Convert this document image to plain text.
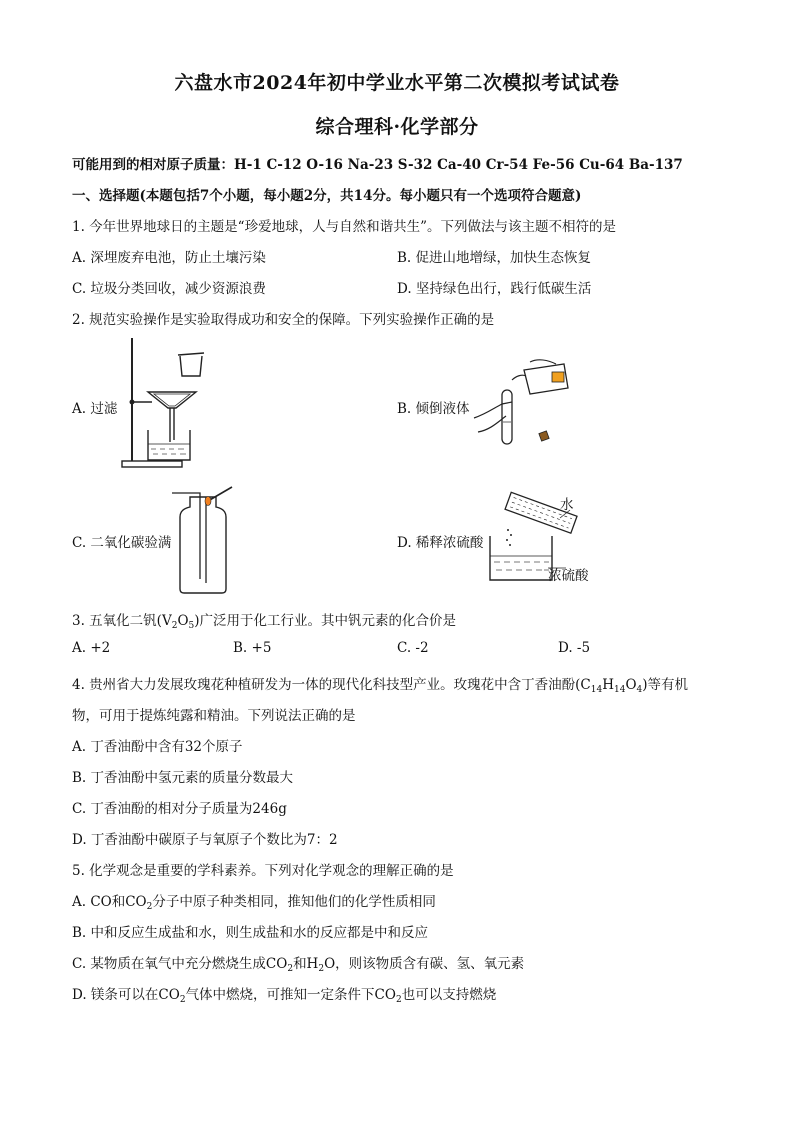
六盘水市2024年初中学业水平第二次模拟考试试卷
综合理科·化学部分
可能用到的相对原子质量：H-1 C-12 O-16 Na-23 S-32 Ca-40 Cr-54 Fe-56 Cu-64 Ba-137
一、选择题(本题包括7个小题，每小题2分，共14分。每小题只有一个选项符合题意)
1. 今年世界地球日的主题是“珍爱地球，人与自然和谐共生”。下列做法与该主题不相符的是
A. 深埋废弃电池，防止土壤污染	B. 促进山地增绿，加快生态恢复
C. 垃圾分类回收，减少资源浪费	D. 坚持绿色出行，践行低碳生活
2. 规范实验操作是实验取得成功和安全的保障。下列实验操作正确的是
A. 过滤	B. 倾倒液体
C. 二氧化碳验满	D. 稀释浓硫酸
水
浓硫酸
3. 五氧化二钒$(V_2O_5)$广泛用于化工行业。其中钒元素的化合价是
A. +2	B. +5	C. -2	D. -5
4. 贵州省大力发展玫瑰花种植研发为一体的现代化科技型产业。玫瑰花中含丁香油酚$(C_{14}H_{14}O_4)$等有机
物，可用于提炼纯露和精油。下列说法正确的是
A. 丁香油酚中含有32个原子
B. 丁香油酚中氢元素的质量分数最大
C. 丁香油酚的相对分子质量为246g
D. 丁香油酚中碳原子与氧原子个数比为7：2
5. 化学观念是重要的学科素养。下列对化学观念的理解正确的是
A. CO和$CO_2$分子中原子种类相同，推知他们的化学性质相同
B. 中和反应生成盐和水，则生成盐和水的反应都是中和反应
C. 某物质在氧气中充分燃烧生成$CO_2$和$H_2O$，则该物质含有碳、氢、氧元素
D. 镁条可以在$CO_2$气体中燃烧，可推知一定条件下$CO_2$也可以支持燃烧
